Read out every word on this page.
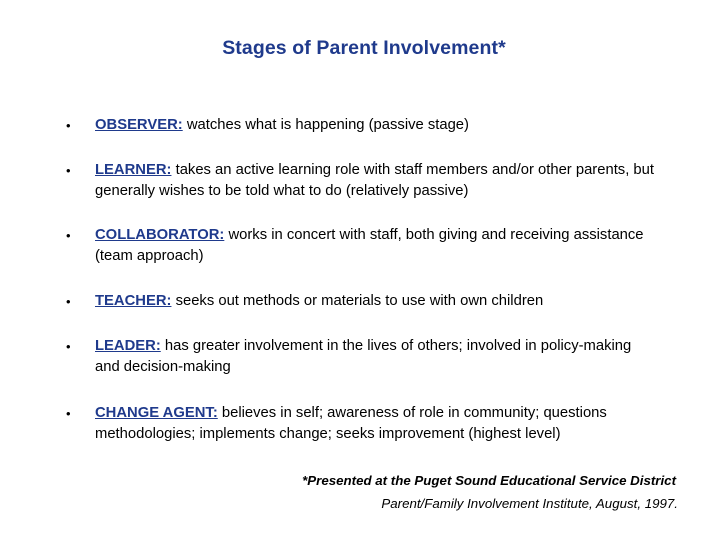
Stages of Parent Involvement*
• OBSERVER: watches what is happening (passive stage)
• LEARNER: takes an active learning role with staff members and/or other parents, but generally wishes to be told what to do (relatively passive)
• COLLABORATOR: works in concert with staff, both giving and receiving assistance (team approach)
• TEACHER: seeks out methods or materials to use with own children
• LEADER: has greater involvement in the lives of others; involved in policy-making and decision-making
• CHANGE AGENT: believes in self; awareness of role in community; questions methodologies; implements change; seeks improvement (highest level)
*Presented at the Puget Sound Educational Service District
Parent/Family Involvement Institute, August, 1997.
